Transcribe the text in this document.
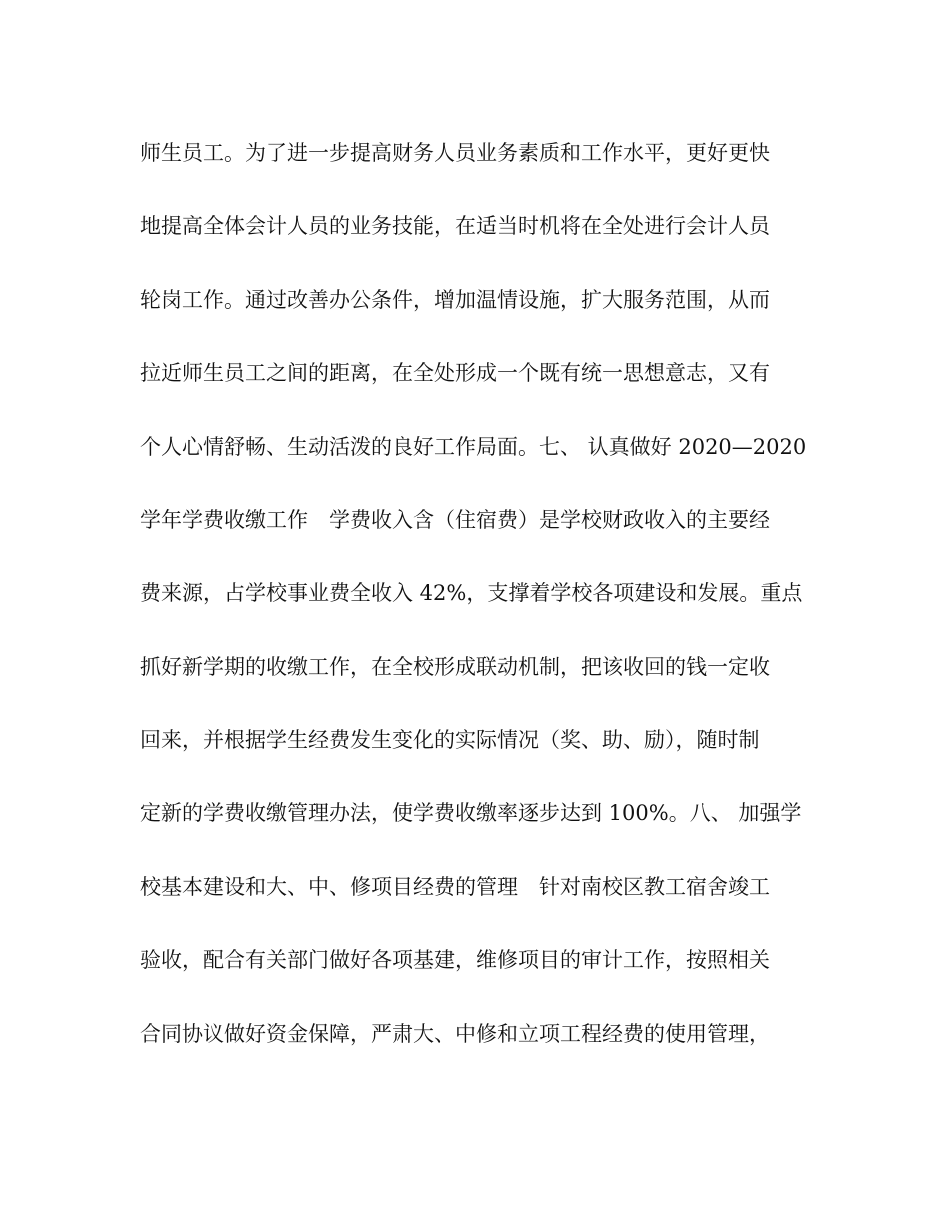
师生员工。为了进一步提高财务人员业务素质和工作水平，更好更快
地提高全体会计人员的业务技能，在适当时机将在全处进行会计人员
轮岗工作。通过改善办公条件，增加温情设施，扩大服务范围，从而
拉近师生员工之间的距离，在全处形成一个既有统一思想意志，又有
个人心情舒畅、生动活泼的良好工作局面。七、 认真做好 2020—2020
学年学费收缴工作　学费收入含（住宿费）是学校财政收入的主要经
费来源，占学校事业费全收入 42%，支撑着学校各项建设和发展。重点
抓好新学期的收缴工作，在全校形成联动机制，把该收回的钱一定收
回来，并根据学生经费发生变化的实际情况（奖、助、励），随时制
定新的学费收缴管理办法，使学费收缴率逐步达到 100%。八、 加强学
校基本建设和大、中、修项目经费的管理　针对南校区教工宿舍竣工
验收，配合有关部门做好各项基建，维修项目的审计工作，按照相关
合同协议做好资金保障，严肃大、中修和立项工程经费的使用管理，
